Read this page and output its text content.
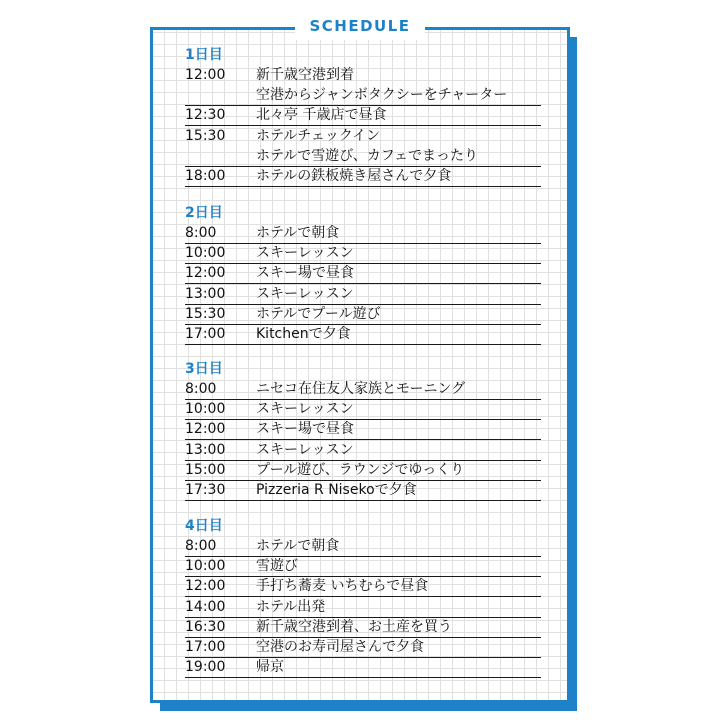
SCHEDULE
1日目
12:00	新千歳空港到着
空港からジャンボタクシーをチャーター
12:30	北々亭 千歳店で昼食
15:30	ホテルチェックイン
ホテルで雪遊び、カフェでまったり
18:00	ホテルの鉄板焼き屋さんで夕食
2日目
8:00	ホテルで朝食
10:00	スキーレッスン
12:00	スキー場で昼食
13:00	スキーレッスン
15:30	ホテルでプール遊び
17:00	Kitchenで夕食
3日目
8:00	ニセコ在住友人家族とモーニング
10:00	スキーレッスン
12:00	スキー場で昼食
13:00	スキーレッスン
15:00	プール遊び、ラウンジでゆっくり
17:30	Pizzeria R Nisekoで夕食
4日目
8:00	ホテルで朝食
10:00	雪遊び
12:00	手打ち蕎麦 いちむらで昼食
14:00	ホテル出発
16:30	新千歳空港到着、お土産を買う
17:00	空港のお寿司屋さんで夕食
19:00	帰京
